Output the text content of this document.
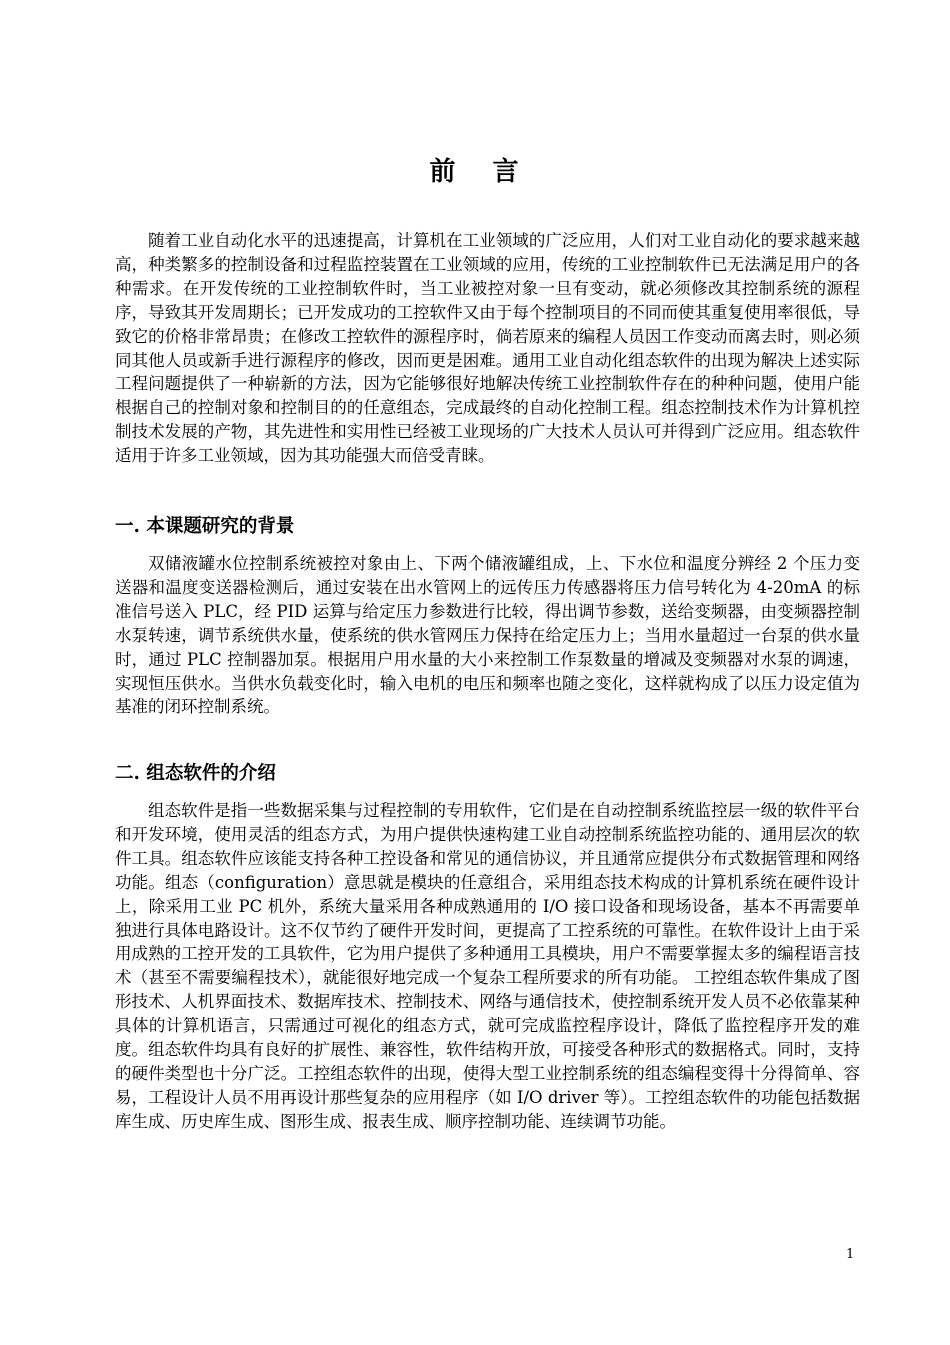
前 言

随着工业自动化水平的迅速提高，计算机在工业领域的广泛应用，人们对工业自动化的要求越来越高，种类繁多的控制设备和过程监控装置在工业领域的应用，传统的工业控制软件已无法满足用户的各种需求。在开发传统的工业控制软件时，当工业被控对象一旦有变动，就必须修改其控制系统的源程序，导致其开发周期长；已开发成功的工控软件又由于每个控制项目的不同而使其重复使用率很低，导致它的价格非常昂贵；在修改工控软件的源程序时，倘若原来的编程人员因工作变动而离去时，则必须同其他人员或新手进行源程序的修改，因而更是困难。通用工业自动化组态软件的出现为解决上述实际工程问题提供了一种崭新的方法，因为它能够很好地解决传统工业控制软件存在的种种问题，使用户能根据自己的控制对象和控制目的的任意组态，完成最终的自动化控制工程。组态控制技术作为计算机控制技术发展的产物，其先进性和实用性已经被工业现场的广大技术人员认可并得到广泛应用。组态软件适用于许多工业领域，因为其功能强大而倍受青睐。

一. 本课题研究的背景

双储液罐水位控制系统被控对象由上、下两个储液罐组成，上、下水位和温度分辨经 2 个压力变送器和温度变送器检测后，通过安装在出水管网上的远传压力传感器将压力信号转化为 4-20mA 的标准信号送入 PLC，经 PID 运算与给定压力参数进行比较，得出调节参数，送给变频器，由变频器控制水泵转速，调节系统供水量，使系统的供水管网压力保持在给定压力上；当用水量超过一台泵的供水量时，通过 PLC 控制器加泵。根据用户用水量的大小来控制工作泵数量的增减及变频器对水泵的调速，实现恒压供水。当供水负载变化时，输入电机的电压和频率也随之变化，这样就构成了以压力设定值为基准的闭环控制系统。

二. 组态软件的介绍

组态软件是指一些数据采集与过程控制的专用软件，它们是在自动控制系统监控层一级的软件平台和开发环境，使用灵活的组态方式，为用户提供快速构建工业自动控制系统监控功能的、通用层次的软件工具。组态软件应该能支持各种工控设备和常见的通信协议，并且通常应提供分布式数据管理和网络功能。组态（configuration）意思就是模块的任意组合，采用组态技术构成的计算机系统在硬件设计上，除采用工业 PC 机外，系统大量采用各种成熟通用的 I/O 接口设备和现场设备，基本不再需要单独进行具体电路设计。这不仅节约了硬件开发时间，更提高了工控系统的可靠性。在软件设计上由于采用成熟的工控开发的工具软件，它为用户提供了多种通用工具模块，用户不需要掌握太多的编程语言技术（甚至不需要编程技术），就能很好地完成一个复杂工程所要求的所有功能。 工控组态软件集成了图形技术、人机界面技术、数据库技术、控制技术、网络与通信技术，使控制系统开发人员不必依靠某种具体的计算机语言，只需通过可视化的组态方式，就可完成监控程序设计，降低了监控程序开发的难度。组态软件均具有良好的扩展性、兼容性，软件结构开放，可接受各种形式的数据格式。同时，支持的硬件类型也十分广泛。工控组态软件的出现，使得大型工业控制系统的组态编程变得十分得简单、容易，工程设计人员不用再设计那些复杂的应用程序（如 I/O driver 等）。工控组态软件的功能包括数据库生成、历史库生成、图形生成、报表生成、顺序控制功能、连续调节功能。

1
